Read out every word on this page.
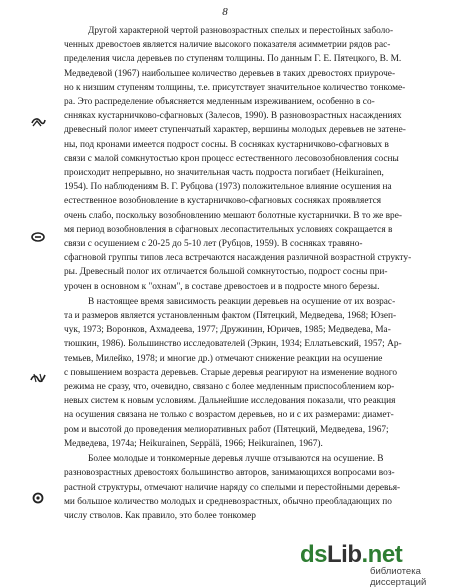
8
Другой характерной чертой разновозрастных спелых и перестойных заболо-
ченных древостоев является наличие высокого показателя асимметрии рядов рас-
пределения числа деревьев по ступеням толщины. По данным Г. Е. Пятецкого, В. М.
Медведевой (1967) наибольшее количество деревьев в таких древостоях приуроче-
но к низшим ступеням толщины, т.е. присутствует значительное количество тонкоме-
ра. Это распределение объясняется медленным изреживанием, особенно в со-
снняках кустарничково-сфагновых (Залесов, 1990). В разновозрастных насаждениях
древесный полог имеет ступенчатый характер, вершины молодых деревьев не затене-
ны, под кронами имеется подрост сосны. В сосняках кустарничково-сфагновых в
связи с малой сомкнутостью крон процесс естественного лесовозобновления сосны
происходит непрерывно, но значительная часть подроста погибает (Heikurainen,
1954). По наблюдениям В. Г. Рубцова (1973) положительное влияние осушения на
естественное возобновление в кустарничково-сфагновых сосняках проявляется
очень слабо, поскольку возобновлению мешают болотные кустарнички. В то же вре-
мя период возобновления в сфагновых лесопастительных условиях сокращается в
связи с осушением с 20-25 до 5-10 лет (Рубцов, 1959). В сосняках травяно-
сфагновой группы типов леса встречаются насаждения различной возрастной структу-
ры. Древесный полог их отличается большой сомкнутостью, подрост сосны при-
урочен в основном к "охнам", в составе древостоев и в подросте много березы.
В настоящее время зависимость реакции деревьев на осушение от их возрас-
та и размеров является установленным фактом (Пятецкий, Медведева, 1968; Юзеп-
чук, 1973; Воронков, Ахмадеева, 1977; Дружинин, Юричев, 1985; Медведева, Ма-
тюшкин, 1986). Большинство исследователей (Эркин, 1934; Еллатьевский, 1957; Ар-
темьев, Милейко, 1978; и многие др.) отмечают снижение реакции на осушение
с повышением возраста деревьев. Старые деревья реагируют на изменение водного
режима не сразу, что, очевидно, связано с более медленным приспособлением кор-
невых систем к новым условиям. Дальнейшие исследования показали, что реакция
на осушения связана не только с возрастом деревьев, но и с их размерами: диамет-
ром и высотой до проведения мелиоративных работ (Пятецкий, Медведева, 1967;
Медведева, 1974а; Heikurainen, Seppälä, 1966; Heikurainen, 1967).
Более молодые и тонкомерные деревья лучше отзываются на осушение. В
разновозрастных древостоях большинство авторов, занимающихся вопросами воз-
растной структуры, отмечают наличие наряду со спелыми и перестойными деревья-
ми большое количество молодых и средневозрастных, обычно преобладающих по
числу стволов. Как правило, это более тонкомер
dsLib.net
библиотека диссертаций
